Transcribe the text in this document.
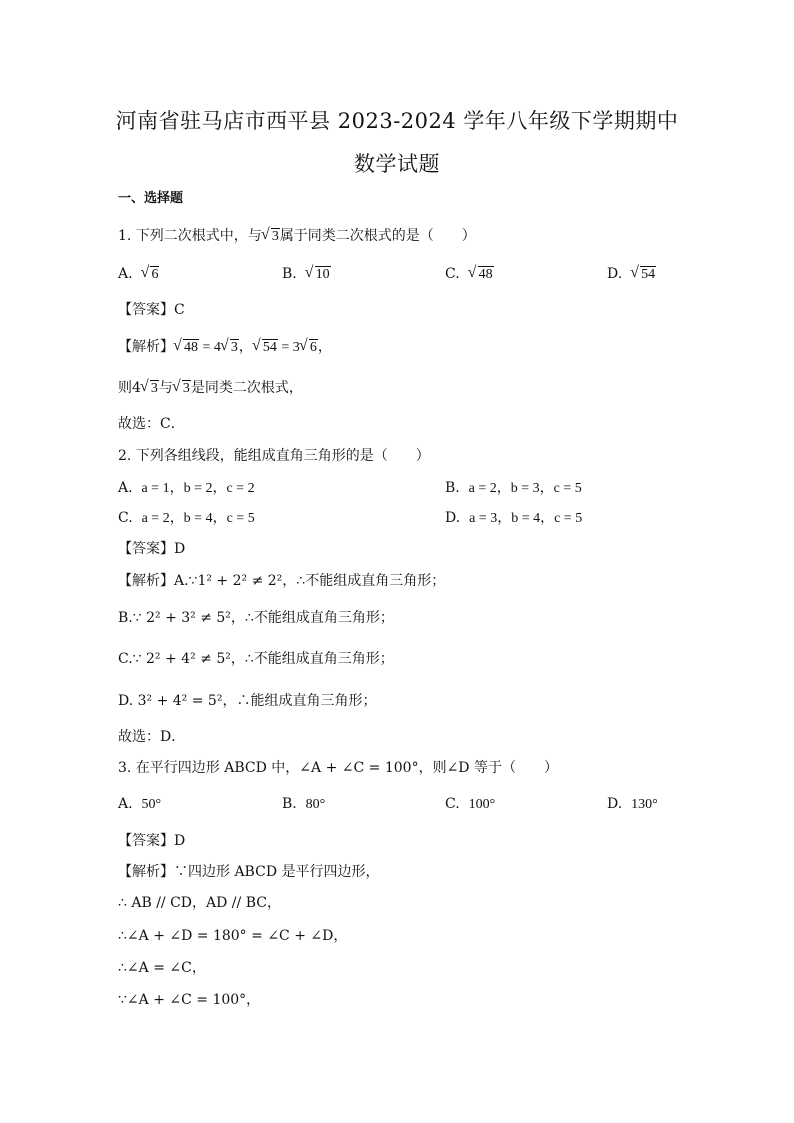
河南省驻马店市西平县 2023-2024 学年八年级下学期期中
数学试题
一、选择题
1. 下列二次根式中，与 √ 3属于同类二次根式的是（　　）
A. √ 6	B. √ 10	C. √ 48	D. √ 54
【答案】C
【解析】 √ 48 = 4 √ 3， √ 54 = 3 √ 6，
则4 √ 3与 √ 3是同类二次根式，
故选：C．
2. 下列各组线段，能组成直角三角形的是（　　）
A. a = 1，b = 2，c = 2	B. a = 2，b = 3，c = 5
C. a = 2，b = 4，c = 5	D. a = 3，b = 4，c = 5
【答案】D
【解析】A.∵1² + 2² ≠ 2²，∴不能组成直角三角形；
B.∵ 2² + 3² ≠ 5²，∴不能组成直角三角形；
C.∵ 2² + 4² ≠ 5²，∴不能组成直角三角形；
D. 3² + 4² = 5²，∴能组成直角三角形；
故选：D．
3. 在平行四边形 ABCD 中，∠A + ∠C = 100°，则∠D 等于（　　）
A. 50°	B. 80°	C. 100°	D. 130°
【答案】D
【解析】∵四边形 ABCD 是平行四边形，
∴ AB // CD，AD // BC，
∴∠A + ∠D = 180° = ∠C + ∠D，
∴∠A = ∠C，
∵∠A + ∠C = 100°，
